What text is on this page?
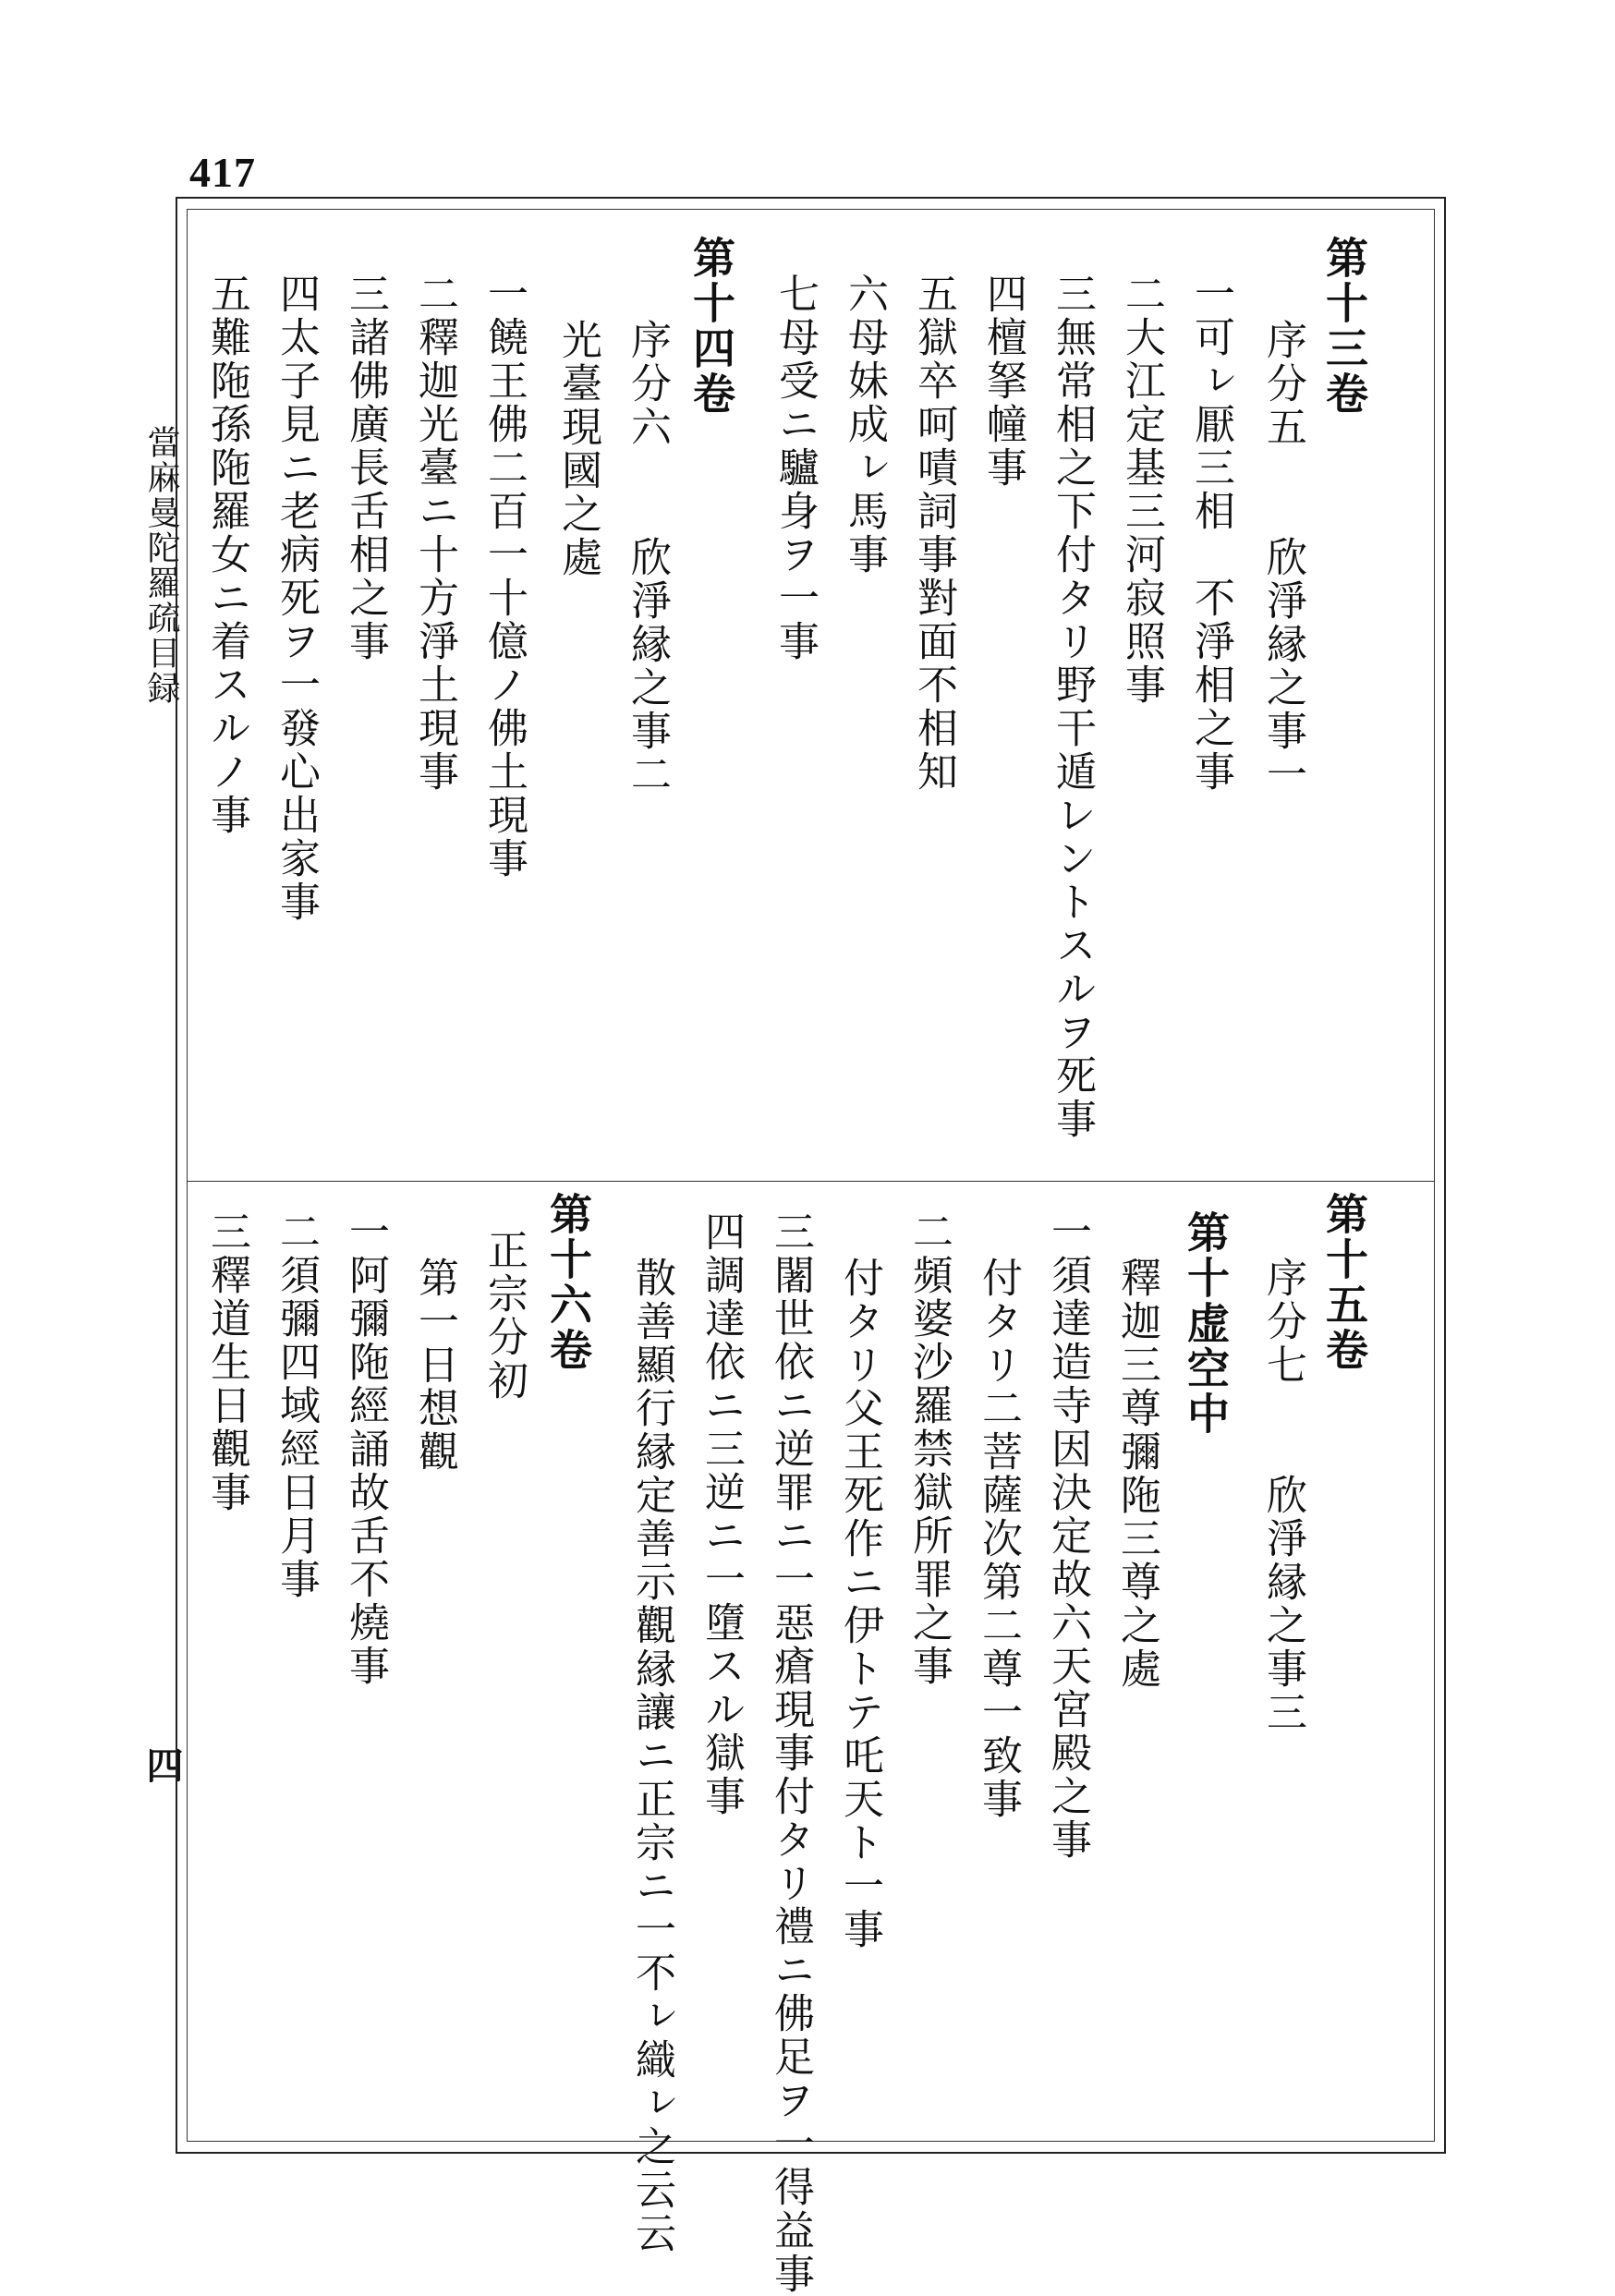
417
當麻曼陀羅疏目録
四
第十三卷
序分五　　欣淨縁之事一
一可ㇾ厭三相　不淨相之事
二大江定基三河寂照事
三無常相之下付タリ野干遁レントスルヲ死事
四檀拏幢事
五獄卒呵嘖詞事對面不相知
六母妹成ㇾ馬事
七母受ニ驢身ヲ一事
第十四卷
序分六　　欣淨縁之事二
光臺現國之處
一饒王佛二百一十億ノ佛土現事
二釋迦光臺ニ十方淨土現事
三諸佛廣長舌相之事
四太子見ニ老病死ヲ一發心出家事
五難陁孫陁羅女ニ着スルノ事
第十五卷
序分七　　欣淨縁之事三
第十虚空中
釋迦三尊彌陁三尊之處
一須達造寺因決定故六天宮殿之事
付タリ二菩薩次第二尊一致事
二頻婆沙羅禁獄所罪之事
付タリ父王死作ニ伊トテ吒天ト一事
三闍世依ニ逆罪ニ一惡瘡現事付タリ禮ニ佛足ヲ一得益事
四調達依ニ三逆ニ一墮スル獄事
散善顯行縁定善示觀縁讓ニ正宗ニ一不ㇾ織ㇾ之云云
第十六卷
正宗分初
第一日想觀
一阿彌陁經誦故舌不燒事
二須彌四域經日月事
三釋道生日觀事
